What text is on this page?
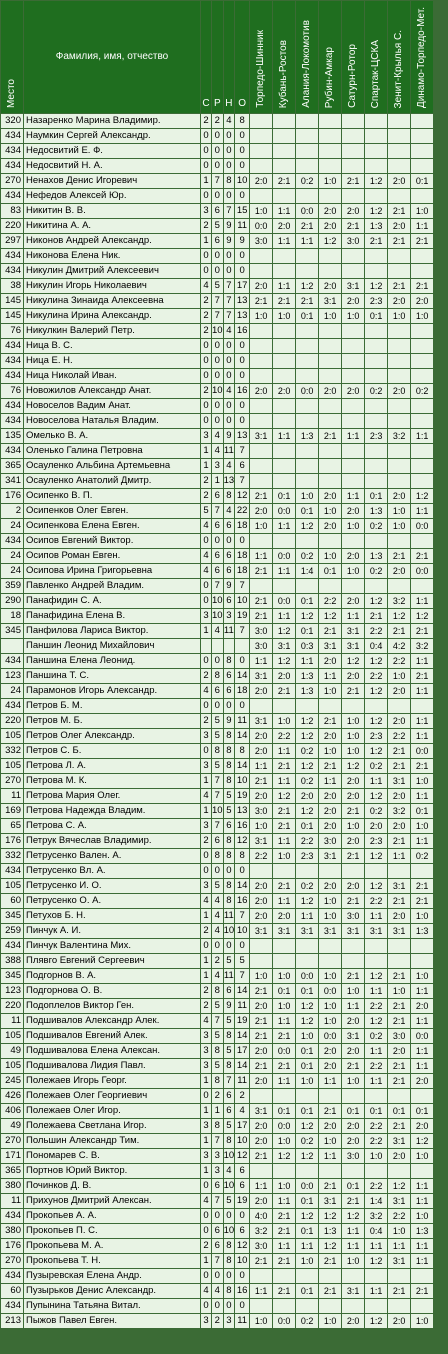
Место	Фамилия, имя, отчество	С	Р	Н	О	Торпедо-Шинник	Кубань-Ростов	Алания-Локомотив	Рубин-Амкар	Сатурн-Ротор	Спартак-ЦСКА	Зенит-Крылья С.	Динамо-Торпедо-Мет.
320	Назаренко Марина Владимир.	2	2	4	8								
434	Наумкин Сергей Александр.	0	0	0	0								
434	Недосвитий Е. Ф.	0	0	0	0								
434	Недосвитий Н. А.	0	0	0	0								
270	Ненахов Денис Игоревич	1	7	8	10	2:0	2:1	0:2	1:0	2:1	1:2	2:0	0:1
434	Нефедов Алексей Юр.	0	0	0	0								
83	Никитин В. В.	3	6	7	15	1:0	1:1	0:0	2:0	2:0	1:2	2:1	1:0
220	Никитина А. А.	2	5	9	11	0:0	2:0	2:1	2:0	2:1	1:3	2:0	1:1
297	Никонов Андрей Александр.	1	6	9	9	3:0	1:1	1:1	1:2	3:0	2:1	2:1	2:1
434	Никонова Елена Ник.	0	0	0	0								
434	Никулин Дмитрий Алексеевич	0	0	0	0								
38	Никулин Игорь Николаевич	4	5	7	17	2:0	1:1	1:2	2:0	3:1	1:2	2:1	2:1
145	Никулина Зинаида Алексеевна	2	7	7	13	2:1	2:1	2:1	3:1	2:0	2:3	2:0	2:0
145	Никулина Ирина Александр.	2	7	7	13	1:0	1:0	0:1	1:0	1:0	0:1	1:0	1:0
76	Никулкин Валерий Петр.	2	10	4	16								
434	Ница В. С.	0	0	0	0								
434	Ница Е. Н.	0	0	0	0								
434	Ница Николай Иван.	0	0	0	0								
76	Новожилов Александр Анат.	2	10	4	16	2:0	2:0	0:0	2:0	2:0	0:2	2:0	0:2
434	Новоселов Вадим Анат.	0	0	0	0								
434	Новоселова Наталья Владим.	0	0	0	0								
135	Омелько В. А.	3	4	9	13	3:1	1:1	1:3	2:1	1:1	2:3	3:2	1:1
434	Оленько Галина Петровна	1	4	11	7								
365	Осауленко Альбина Артемьевна	1	3	4	6								
341	Осауленко Анатолий Дмитр.	2	1	13	7								
176	Осипенко В. П.	2	6	8	12	2:1	0:1	1:0	2:0	1:1	0:1	2:0	1:2
2	Осипенков Олег Евген.	5	7	4	22	2:0	0:0	0:1	1:0	2:0	1:3	1:0	1:1
24	Осипенкова Елена Евген.	4	6	6	18	1:0	1:1	1:2	2:0	1:0	0:2	1:0	0:0
434	Осипов Евгений Виктор.	0	0	0	0								
24	Осипов Роман Евген.	4	6	6	18	1:1	0:0	0:2	1:0	2:0	1:3	2:1	2:1
24	Осипова Ирина Григорьевна	4	6	6	18	2:1	1:1	1:4	0:1	1:0	0:2	2:0	0:0
359	Павленко Андрей Владим.	0	7	9	7								
290	Панафидин С. А.	0	10	6	10	2:1	0:0	0:1	2:2	2:0	1:2	3:2	1:1
18	Панафидина Елена В.	3	10	3	19	2:1	1:1	1:2	1:2	1:1	2:1	1:2	1:2
345	Панфилова Лариса Виктор.	1	4	11	7	3:0	1:2	0:1	2:1	3:1	2:2	2:1	2:1
	Паншин Леонид Михайлович					3:0	3:1	0:3	3:1	3:1	0:4	4:2	3:2
434	Паншина Елена Леонид.	0	0	8	0	1:1	1:2	1:1	2:0	1:2	1:2	2:2	1:1
123	Паншина Т. С.	2	8	6	14	3:1	2:0	1:3	1:1	2:0	2:2	1:0	2:1
24	Парамонов Игорь Александр.	4	6	6	18	2:0	2:1	1:3	1:0	2:1	1:2	2:0	1:1
434	Петров Б. М.	0	0	0	0								
220	Петров М. Б.	2	5	9	11	3:1	1:0	1:2	2:1	1:0	1:2	2:0	1:1
105	Петров Олег Александр.	3	5	8	14	2:0	2:2	1:2	2:0	1:0	2:3	2:2	1:1
332	Петров С. Б.	0	8	8	8	2:0	1:1	0:2	1:0	1:0	1:2	2:1	0:0
105	Петрова Л. А.	3	5	8	14	1:1	2:1	1:2	2:1	1:2	0:2	2:1	2:1
270	Петрова М. К.	1	7	8	10	2:1	1:1	0:2	1:1	2:0	1:1	3:1	1:0
11	Петрова Мария Олег.	4	7	5	19	2:0	1:2	2:0	2:0	2:0	1:2	2:0	1:1
169	Петрова Надежда Владим.	1	10	5	13	3:0	2:1	1:2	2:0	2:1	0:2	3:2	0:1
65	Петрова С. А.	3	7	6	16	1:0	2:1	0:1	2:0	1:0	2:0	2:0	1:0
176	Петрук Вячеслав Владимир.	2	6	8	12	3:1	1:1	2:2	3:0	2:0	2:3	2:1	1:1
332	Петрусенко Вален. А.	0	8	8	8	2:2	1:0	2:3	3:1	2:1	1:2	1:1	0:2
434	Петрусенко Вл. А.	0	0	0	0								
105	Петрусенко И. О.	3	5	8	14	2:0	2:1	0:2	2:0	2:0	1:2	3:1	2:1
60	Петрусенко О. А.	4	4	8	16	2:0	1:1	1:2	1:0	2:1	2:2	2:1	2:1
345	Петухов Б. Н.	1	4	11	7	2:0	2:0	1:1	1:0	3:0	1:1	2:0	1:0
259	Пинчук А. И.	2	4	10	10	3:1	3:1	3:1	3:1	3:1	3:1	3:1	1:3
434	Пинчук Валентина Мих.	0	0	0	0								
388	Плявго Евгений Сергеевич	1	2	5	5								
345	Подгорнов В. А.	1	4	11	7	1:0	1:0	0:0	1:0	2:1	1:2	2:1	1:0
123	Подгорнова О. В.	2	8	6	14	2:1	0:1	0:1	0:0	1:0	1:1	1:0	1:1
220	Подоплелов Виктор Ген.	2	5	9	11	2:0	1:0	1:2	1:0	1:1	2:2	2:1	2:0
11	Подшивалов Александр Алек.	4	7	5	19	2:1	1:1	1:2	1:0	2:0	1:2	2:1	1:1
105	Подшивалов Евгений Алек.	3	5	8	14	2:1	2:1	1:0	0:0	3:1	0:2	3:0	0:0
49	Подшивалова Елена Алексан.	3	8	5	17	2:0	0:0	0:1	2:0	2:0	1:1	2:0	1:1
105	Подшивалова Лидия Павл.	3	5	8	14	2:1	2:1	0:1	2:0	2:1	2:2	2:1	1:1
245	Полежаев Игорь Георг.	1	8	7	11	2:0	1:1	1:0	1:1	1:0	1:1	2:1	2:0
426	Полежаев Олег Георгиевич	0	2	6	2								
406	Полежаев Олег Игор.	1	1	6	4	3:1	0:1	0:1	2:1	0:1	0:1	0:1	0:1
49	Полежаева Светлана Игор.	3	8	5	17	2:0	0:0	1:2	2:0	2:0	2:2	2:1	2:0
270	Польшин Александр Тим.	1	7	8	10	2:0	1:0	0:2	1:0	2:0	2:2	3:1	1:2
171	Пономарев С. В.	3	3	10	12	2:1	1:2	1:2	1:1	3:0	1:0	2:0	1:0
365	Портнов Юрий Виктор.	1	3	4	6								
380	Починков Д. В.	0	6	10	6	1:1	1:0	0:0	2:1	0:1	2:2	1:2	1:1
11	Прихунов Дмитрий Алексан.	4	7	5	19	2:0	1:1	0:1	3:1	2:1	1:4	3:1	1:1
434	Прокопьев А. А.	0	0	0	0	4:0	2:1	1:2	1:2	1:2	3:2	2:2	1:0
380	Прокопьев П. С.	0	6	10	6	3:2	2:1	0:1	1:3	1:1	0:4	1:0	1:3
176	Прокопьева М. А.	2	6	8	12	3:0	1:1	1:1	1:2	1:1	1:1	1:1	1:1
270	Прокопьева Т. Н.	1	7	8	10	2:1	2:1	1:0	2:1	1:0	1:2	3:1	1:1
434	Пузыревская Елена Андр.	0	0	0	0								
60	Пузырьков Денис Александр.	4	4	8	16	1:1	2:1	0:1	2:1	3:1	1:1	2:1	2:1
434	Пупынина Татьяна Витал.	0	0	0	0								
213	Пыжов Павел Евген.	3	2	3	11	1:0	0:0	0:2	1:0	2:0	1:2	2:0	1:0
